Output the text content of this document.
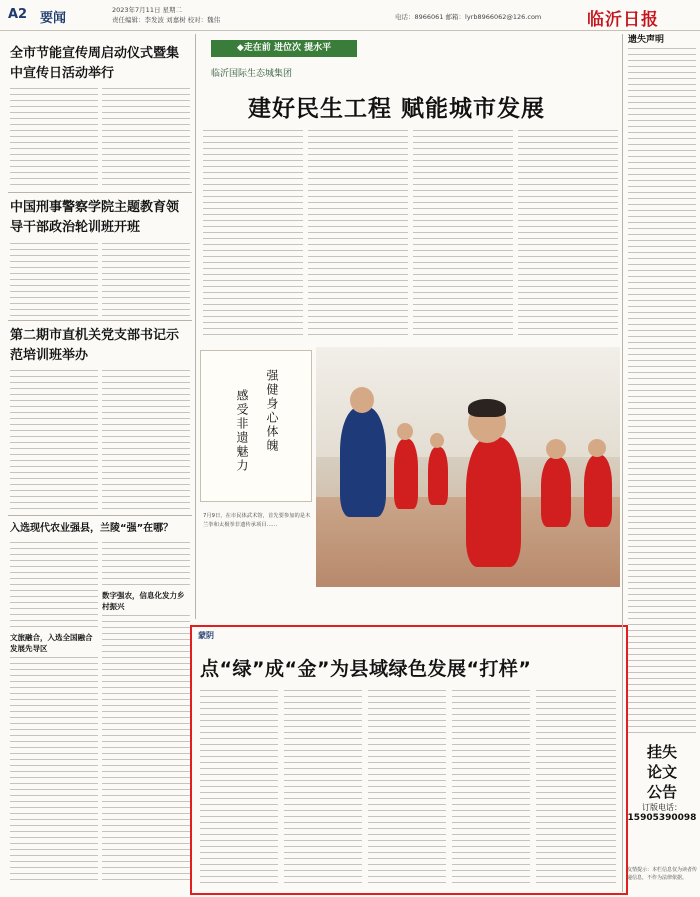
A2 要闻
2023年7月11日 星期二
责任编辑：李发波 刘嘉树 校对：魏伟	电话：8966061 邮箱：lyrb8966062@126.com	临沂日报
全市节能宣传周启动仪式暨集中宣传日活动举行
中国刑事警察学院主题教育领导干部政治轮训班开班
第二期市直机关党支部书记示范培训班举办
入选现代农业强县，兰陵“强”在哪？
数字强农，信息化发力乡村振兴
文旅融合，入选全国融合发展先导区
◆走在前 进位次 提水平
临沂国际生态城集团
建好民生工程 赋能城市发展
强健身心体魄
感受非遗魅力
7月9日，在市民体武术馆，首先要参加的是木兰拳和太极拳非遗传承项目……
蒙阴
点“绿”成“金”为县域绿色发展“打样”
遗失声明
挂失
论文
公告
订版电话：
15905390098
友情提示：本栏信息仅为读者传递信息，不作为法律依据。
